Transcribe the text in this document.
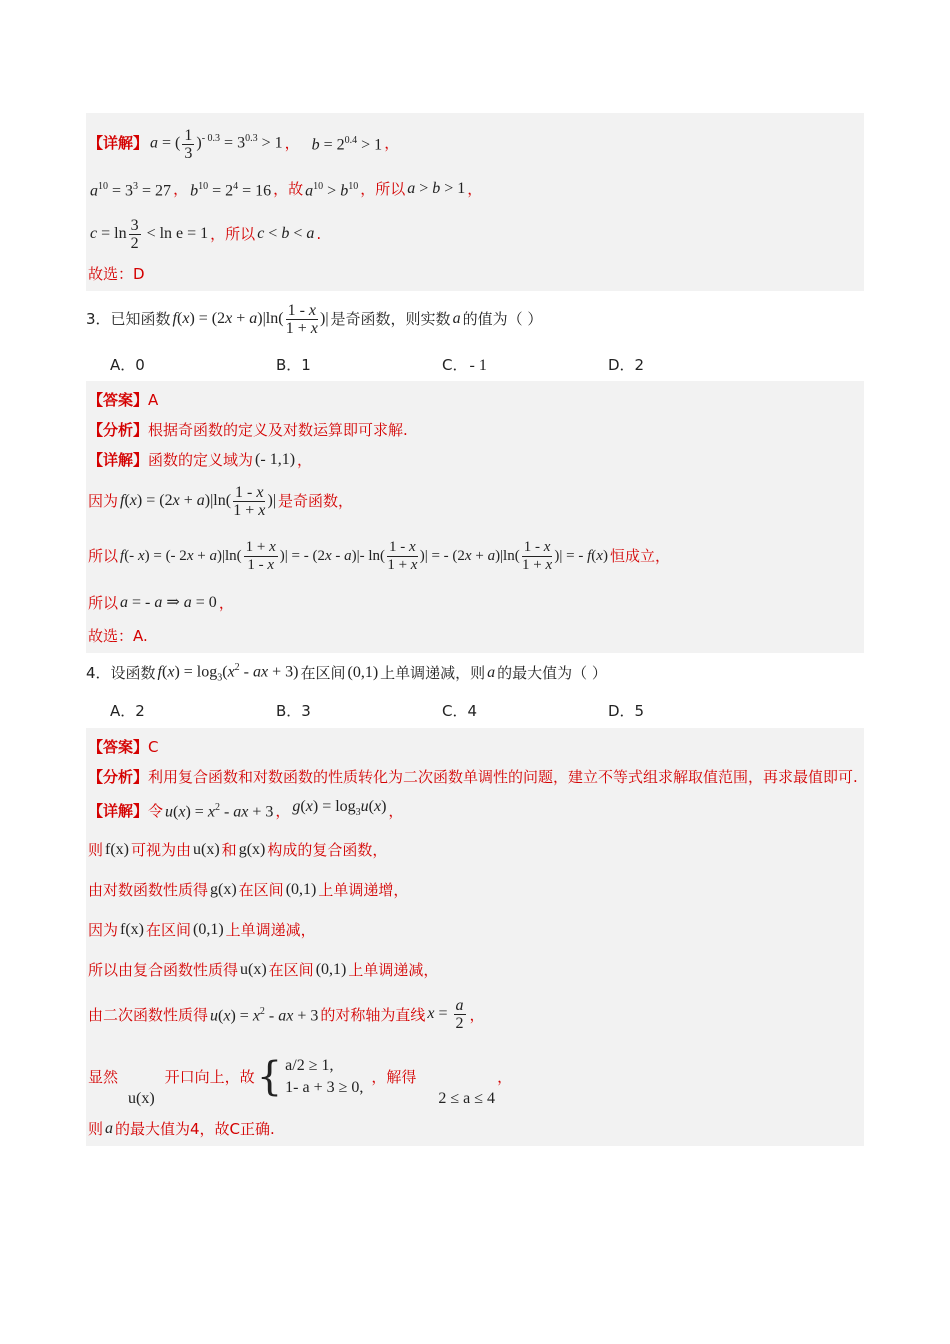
【详解】 a = ( $\frac{1}{3} )^{- 0.3} = 3^{0.3} > 1$ ， $b = 2^{0.4} > 1$ ，
$a^{10} = 3^3 = 27$ ， $b^{10} = 2^4 = 16$ ，故 $a^{10} > b^{10}$ ，所以 a > b > 1 ，
$c = \ln \frac{3}{2} < \ln e = 1$ ，所以 c < b < a .
故选：D
3．已知函数 $f(x) = (2x + a)|\ln( \frac{1 - x}{1 + x}$ )| 是奇函数，则实数 a 的值为（ ）
A．0	B．1	C． - 1	D．2
【答案】 A
【分析】 根据奇函数的定义及对数运算即可求解.
【详解】 函数的定义域为 (- 1,1) ，
因为 $f(x) = (2x + a)|\ln( \frac{1 - x}{1 + x}$ )| 是奇函数，
所以 f(- x) = (- $2x + a)|\ln( \frac{1 + x}{1 - x}$ )| = - (2x - a)|- $\ln( \frac{1 - x}{1 + x}$ )| = - $(2x + a)|\ln( \frac{1 - x}{1 + x}$ )| = - f(x) 恒成立，
所以 a = - a ⇒ a = 0 ，
故选：A.
4．设函数 $f(x) = \log_3(x^2$ - ax + 3) 在区间 (0,1) 上单调递减，则 a 的最大值为（ ）
A．2	B．3	C．4	D．5
【答案】 C
【分析】利用复合函数和对数函数的性质转化为二次函数单调性的问题，建立不等式组求解取值范围，再求最值即可.
【详解】 令 $u(x) = x^2$ - ax + 3 ， $g(x) = \log_3u(x)$ ，
则 f(x) 可视为由 u(x) 和 g(x) 构成的复合函数，
由对数函数性质得 g(x) 在区间 (0,1) 上单调递增，
因为 f(x) 在区间 (0,1) 上单调递减，
所以由复合函数性质得 u(x) 在区间 (0,1) 上单调递减，
由二次函数性质得 $u(x) = x^2$ - ax + 3 的对称轴为直线 $x = \frac{a}{2}$ ，
显然
u(x)
开口向上，故 { a/2 ≥ 1,
1- a + 3 ≥ 0,
，解得
2 ≤ a ≤ 4
，
则 a 的最大值为4，故C正确.
